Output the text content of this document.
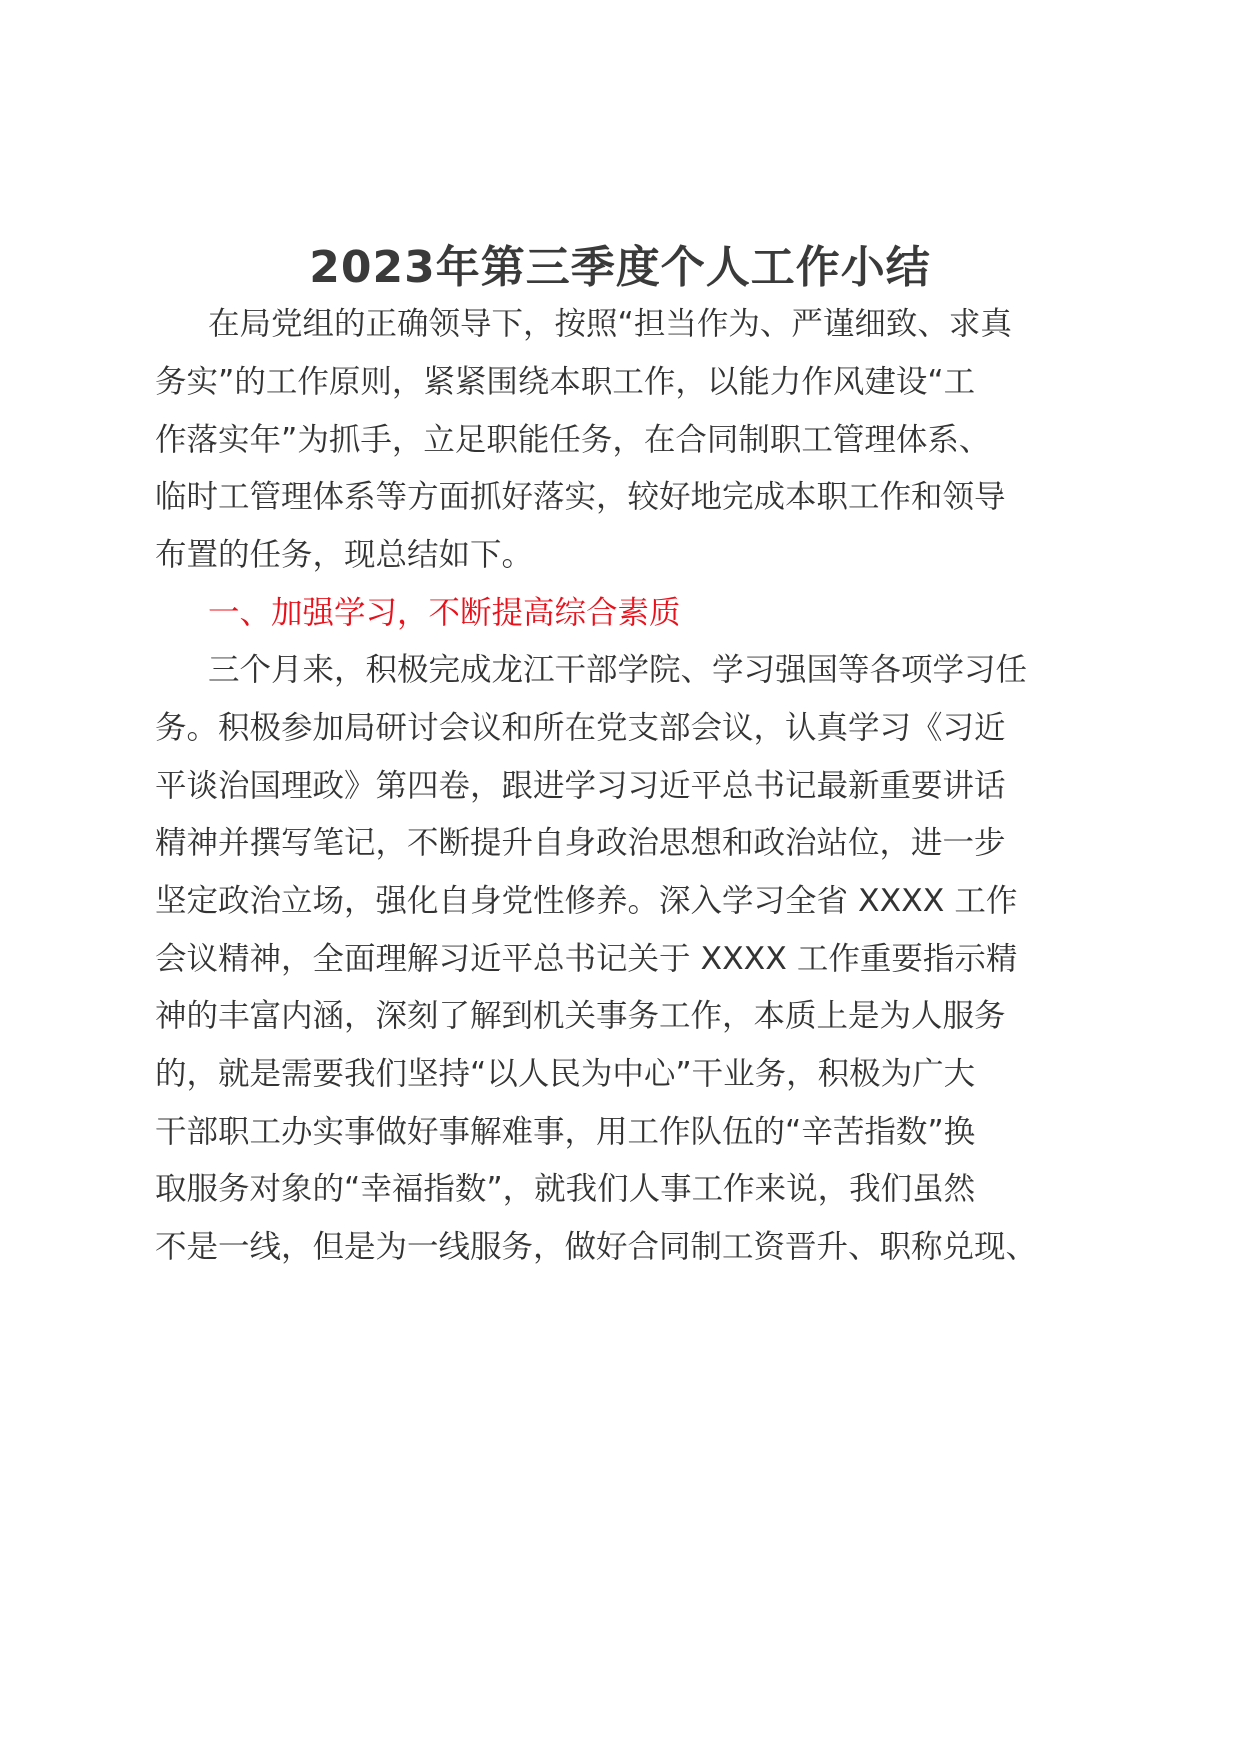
2023年第三季度个人工作小结
在局党组的正确领导下，按照“担当作为、严谨细致、求真
务实”的工作原则，紧紧围绕本职工作，以能力作风建设“工
作落实年”为抓手，立足职能任务，在合同制职工管理体系、
临时工管理体系等方面抓好落实，较好地完成本职工作和领导
布置的任务，现总结如下。
一、加强学习，不断提高综合素质
三个月来，积极完成龙江干部学院、学习强国等各项学习任
务。积极参加局研讨会议和所在党支部会议，认真学习《习近
平谈治国理政》第四卷，跟进学习习近平总书记最新重要讲话
精神并撰写笔记，不断提升自身政治思想和政治站位，进一步
坚定政治立场，强化自身党性修养。深入学习全省 XXXX 工作
会议精神，全面理解习近平总书记关于 XXXX 工作重要指示精
神的丰富内涵，深刻了解到机关事务工作，本质上是为人服务
的，就是需要我们坚持“以人民为中心”干业务，积极为广大
干部职工办实事做好事解难事，用工作队伍的“辛苦指数”换
取服务对象的“幸福指数”，就我们人事工作来说，我们虽然
不是一线，但是为一线服务，做好合同制工资晋升、职称兑现、
